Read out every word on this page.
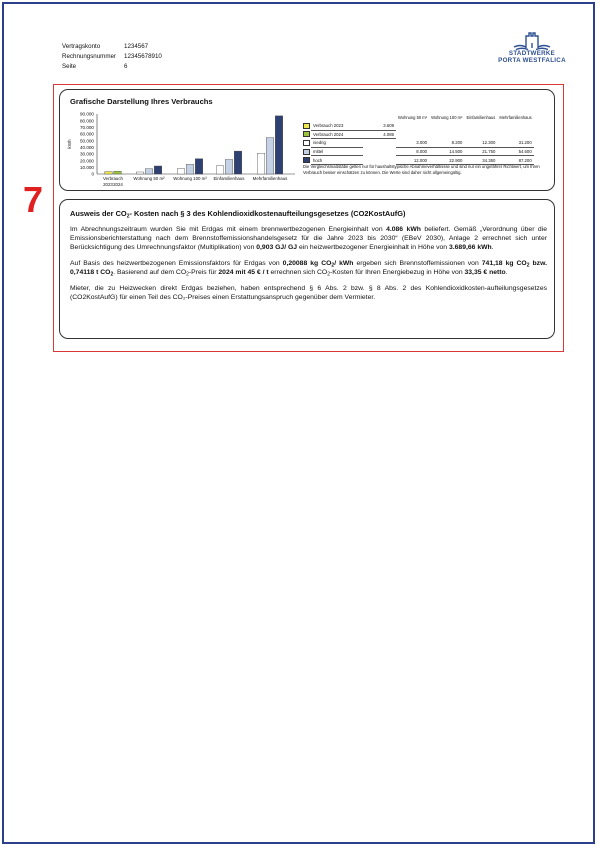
Vertragskonto	1234567
Rechnungsnummer	12345678910
Seite	6
STADTWERKE
PORTA WESTFALICA
7
Grafische Darstellung Ihres Verbrauchs
90.000
80.000
70.000
60.000
50.000
40.000
30.000
20.000
10.000
0
kWh
Verbrauch Wohnung 50 m² Wohnung 100 m² Einfamilienhaus Mehrfamilienhaus
2023 2024
			Wohnung 50 m²	Wohnung 100 m²	Einfamilienhaus	Mehrfamilienhaus

	Verbrauch 2023	3.609				

	Verbrauch 2024	4.086				

	niedrig		3.000	8.200	12.300	31.200

	mittel		8.000	14.500	21.750	54.600

	hoch		12.000	22.900	34.350	87.200
Die Vergleichsmaßstäbe gelten nur für haushaltstypische Abnahmeverhältnisse und sind nur ein ungefährer Richtwert, um Ihren Verbrauch besser einschätzen zu können. Die Werte sind daher nicht allgemeingültig.
Ausweis der $CO_2-$ Kosten nach § 3 des Kohlendioxidkostenaufteilungsgesetzes (CO2KostAufG)

Im Abrechnungszeitraum wurden Sie mit Erdgas mit einem brennwertbezogenen Energieinhalt von 4.086 kWh beliefert. Gemäß „Verordnung über die Emissionsberichterstattung nach dem Brennstoffemissionshandelsgesetz für die Jahre 2023 bis 2030“ (EBeV 2030), Anlage 2 errechnet sich unter Berücksichtigung des Umrechnungsfaktor (Multiplikation) von 0,903 GJ/ GJ ein heizwertbezogener Energieinhalt in Höhe von 3.689,66 kWh.

Auf Basis des heizwertbezogenen Emissionsfaktors für Erdgas von 0,20088 kg $CO_2/$ kWh ergeben sich Brennstoffemissionen von 741,18 kg $CO_2$ bzw. 0,74118 t $CO_2$. Basierend auf dem $CO_2$-Preis für 2024 mit 45 € / t errechnen sich $CO_2$-Kosten für Ihren Energiebezug in Höhe von 33,35 € netto.

Mieter, die zu Heizwecken direkt Erdgas beziehen, haben entsprechend § 6 Abs. 2 bzw. § 8 Abs. 2 des Kohlendioxidkosten-aufteilungsgesetzes (CO2KostAufG) für einen Teil des CO₂-Preises einen Erstattungsanspruch gegenüber dem Vermieter.
